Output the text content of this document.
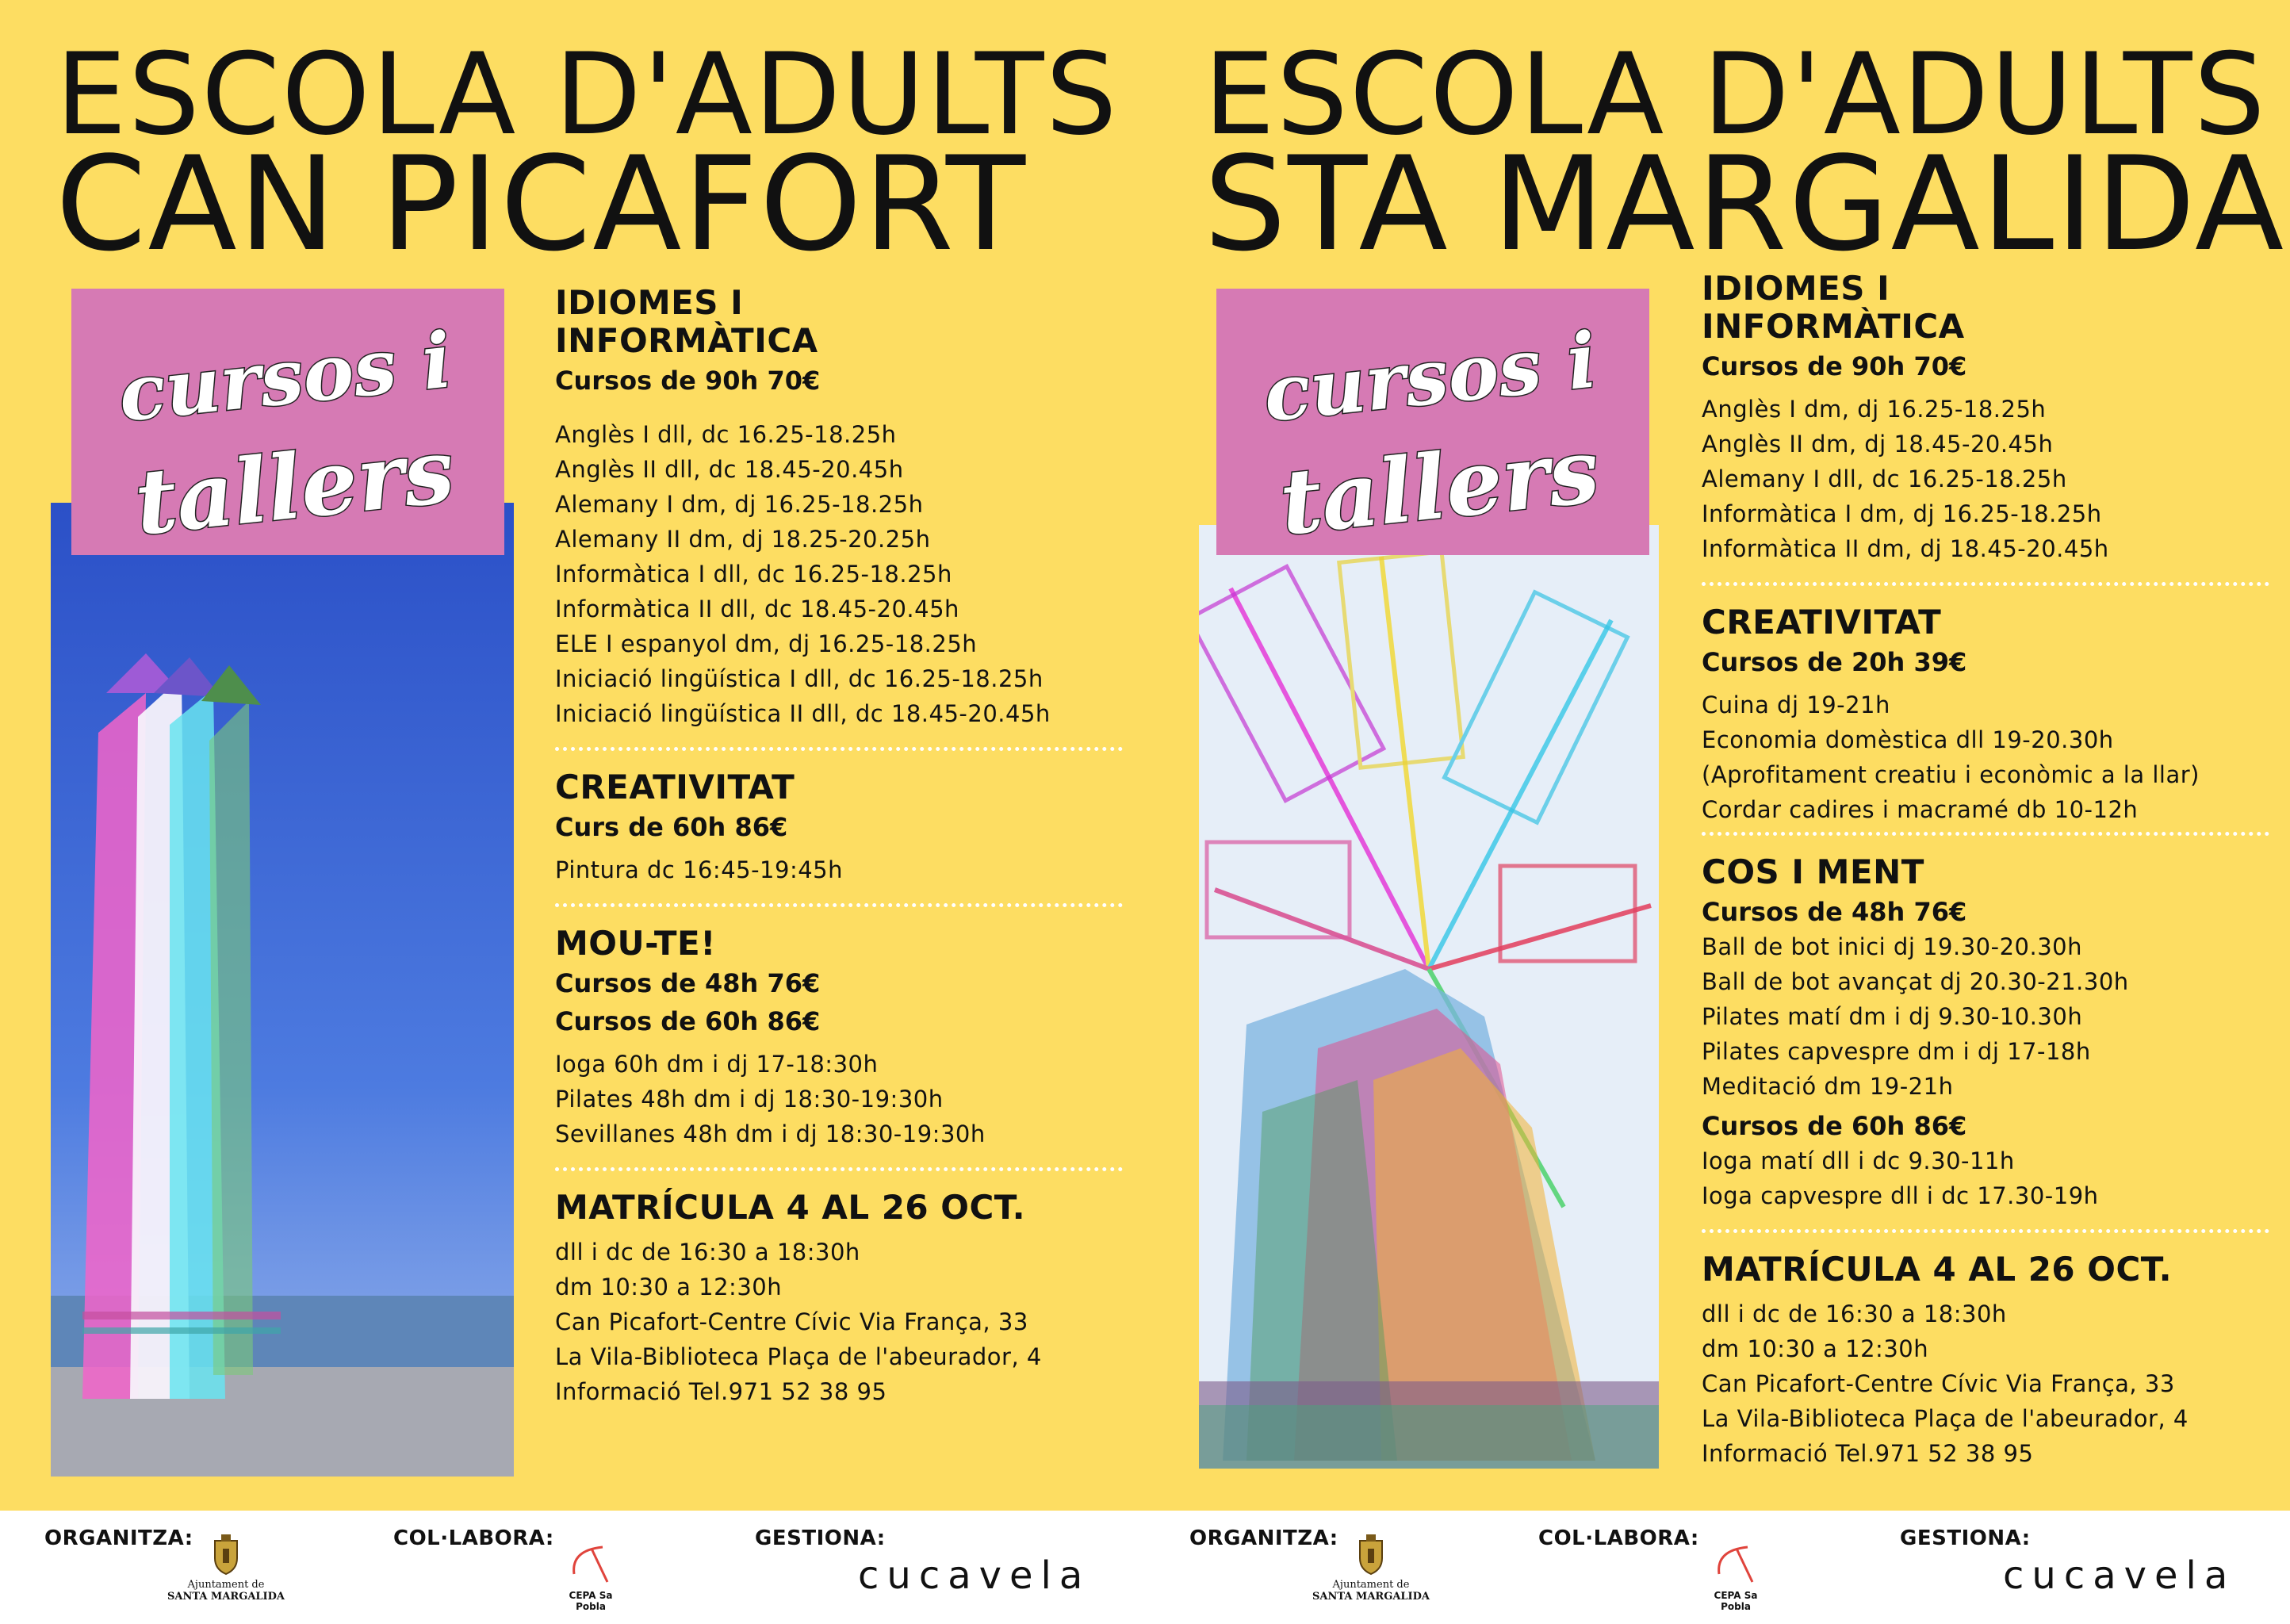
ESCOLA D'ADULTS
CAN PICAFORT
cursos i
tallers

IDIOMES I

INFORMÀTICA

Cursos de 90h 70€

Anglès I dll, dc 16.25-18.25h
Anglès II dll, dc 18.45-20.45h
Alemany I dm, dj 16.25-18.25h
Alemany II dm, dj 18.25-20.25h
Informàtica I dll, dc 16.25-18.25h
Informàtica II dll, dc 18.45-20.45h
ELE I espanyol dm, dj 16.25-18.25h
Iniciació lingüística I dll, dc 16.25-18.25h
Iniciació lingüística II dll, dc 18.45-20.45h

CREATIVITAT

Curs de 60h 86€

Pintura dc 16:45-19:45h

MOU-TE!

Cursos de 48h 76€

Cursos de 60h 86€

Ioga 60h dm i dj 17-18:30h
Pilates 48h dm i dj 18:30-19:30h
Sevillanes 48h dm i dj 18:30-19:30h

MATRÍCULA 4 AL 26 OCT.

dll i dc de 16:30 a 18:30h
dm 10:30 a 12:30h
Can Picafort-Centre Cívic Via França, 33
La Vila-Biblioteca Plaça de l'abeurador, 4
Informació Tel.971 52 38 95
ESCOLA D'ADULTS
STA MARGALIDA
cursos i
tallers

IDIOMES I

INFORMÀTICA

Cursos de 90h 70€

Anglès I dm, dj 16.25-18.25h
Anglès II dm, dj 18.45-20.45h
Alemany I dll, dc 16.25-18.25h
Informàtica I dm, dj 16.25-18.25h
Informàtica II dm, dj 18.45-20.45h

CREATIVITAT

Cursos de 20h 39€

Cuina dj 19-21h
Economia domèstica dll 19-20.30h
(Aprofitament creatiu i econòmic a la llar)
Cordar cadires i macramé db 10-12h

COS I MENT

Cursos de 48h 76€

Ball de bot inici dj 19.30-20.30h
Ball de bot avançat dj 20.30-21.30h
Pilates matí dm i dj 9.30-10.30h
Pilates capvespre dm i dj 17-18h
Meditació dm 19-21h

Cursos de 60h 86€

Ioga matí dll i dc 9.30-11h
Ioga capvespre dll i dc 17.30-19h

MATRÍCULA 4 AL 26 OCT.

dll i dc de 16:30 a 18:30h
dm 10:30 a 12:30h
Can Picafort-Centre Cívic Via França, 33
La Vila-Biblioteca Plaça de l'abeurador, 4
Informació Tel.971 52 38 95
ORGANITZA:
Ajuntament de
SANTA MARGALIDA
COL·LABORA:
CEPA Sa Pobla
GESTIONA:
cucavela
ORGANITZA:
Ajuntament de
SANTA MARGALIDA
COL·LABORA:
CEPA Sa Pobla
GESTIONA:
cucavela
